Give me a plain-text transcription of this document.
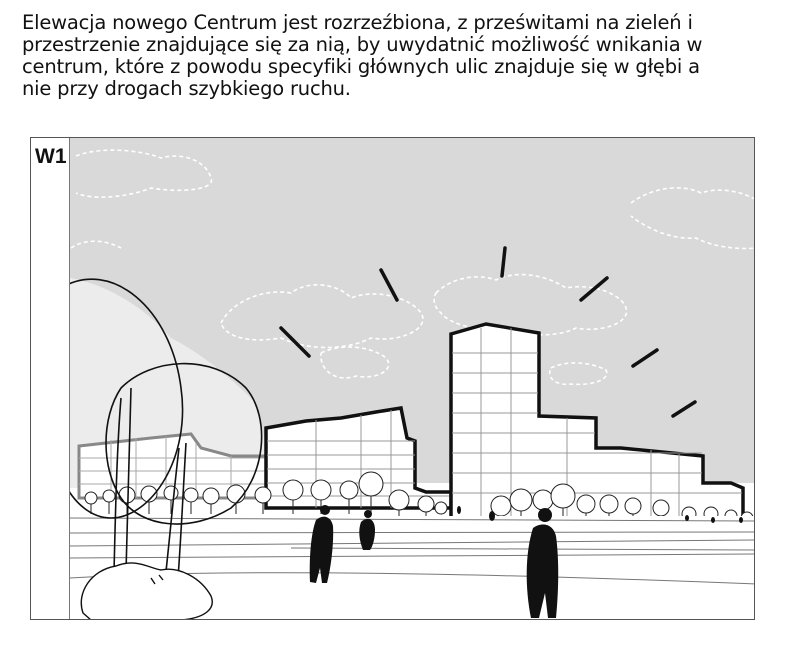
Elewacja nowego Centrum jest rozrzeźbiona, z prześwitami na zieleń i
przestrzenie znajdujące się za nią, by uwydatnić możliwość wnikania w
centrum, które z powodu specyfiki głównych ulic znajduje się w głębi a
nie przy drogach szybkiego ruchu.
W1
